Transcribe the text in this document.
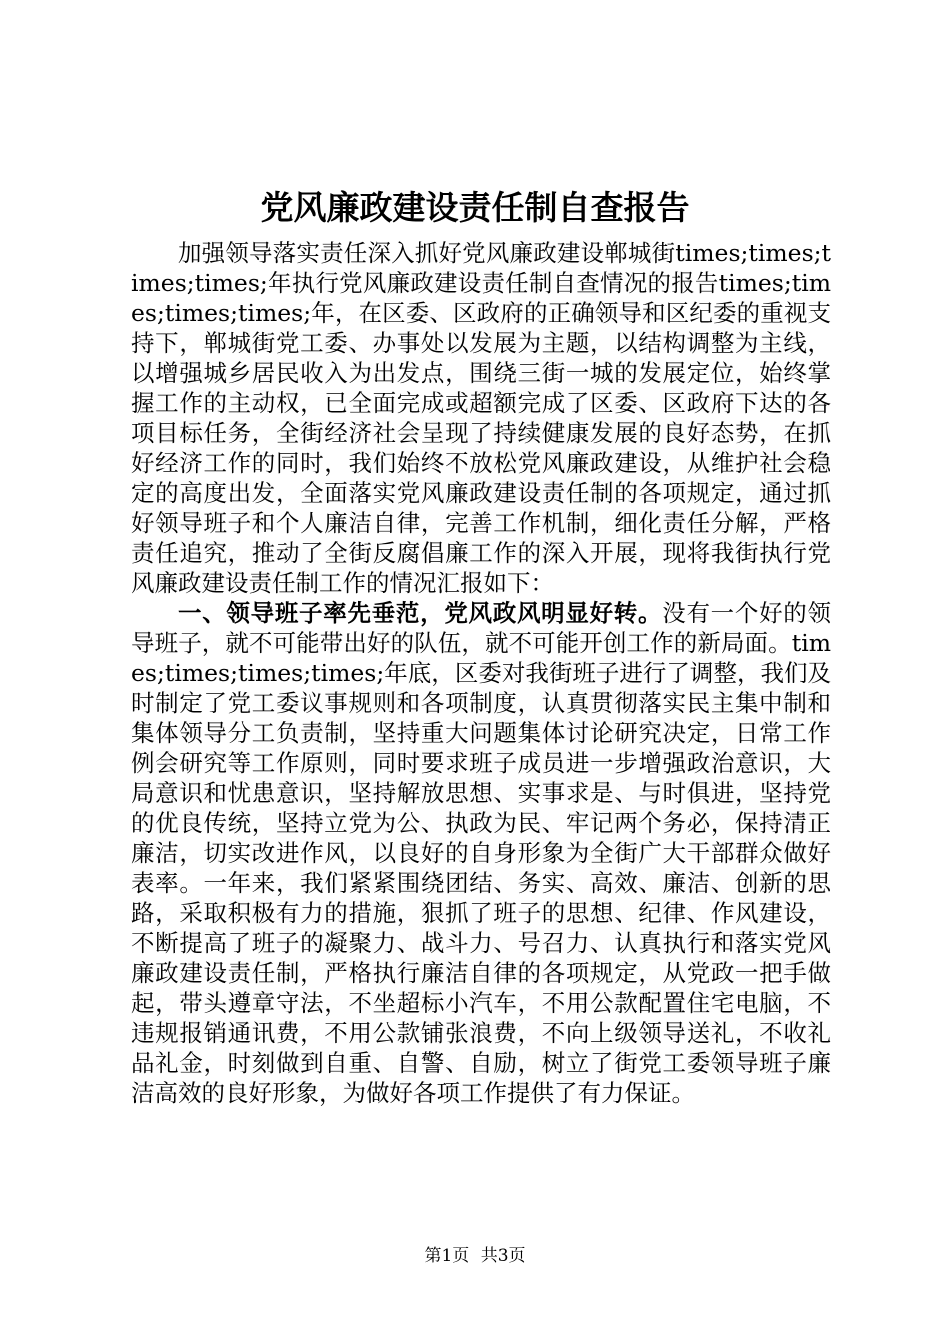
党风廉政建设责任制自查报告

加强领导落实责任深入抓好党风廉政建设郸城街times;times;times;times;年执行党风廉政建设责任制自查情况的报告times;times;times;times;年，在区委、区政府的正确领导和区纪委的重视支持下，郸城街党工委、办事处以发展为主题，以结构调整为主线，以增强城乡居民收入为出发点，围绕三街一城的发展定位，始终掌握工作的主动权，已全面完成或超额完成了区委、区政府下达的各项目标任务，全街经济社会呈现了持续健康发展的良好态势，在抓好经济工作的同时，我们始终不放松党风廉政建设，从维护社会稳定的高度出发，全面落实党风廉政建设责任制的各项规定，通过抓好领导班子和个人廉洁自律，完善工作机制，细化责任分解，严格责任追究，推动了全街反腐倡廉工作的深入开展，现将我街执行党风廉政建设责任制工作的情况汇报如下：

一、领导班子率先垂范，党风政风明显好转。没有一个好的领导班子，就不可能带出好的队伍，就不可能开创工作的新局面。times;times;times;times;年底，区委对我街班子进行了调整，我们及时制定了党工委议事规则和各项制度，认真贯彻落实民主集中制和集体领导分工负责制，坚持重大问题集体讨论研究决定，日常工作例会研究等工作原则，同时要求班子成员进一步增强政治意识，大局意识和忧患意识，坚持解放思想、实事求是、与时俱进，坚持党的优良传统，坚持立党为公、执政为民、牢记两个务必，保持清正廉洁，切实改进作风，以良好的自身形象为全街广大干部群众做好表率。一年来，我们紧紧围绕团结、务实、高效、廉洁、创新的思路，采取积极有力的措施，狠抓了班子的思想、纪律、作风建设，不断提高了班子的凝聚力、战斗力、号召力、认真执行和落实党风廉政建设责任制，严格执行廉洁自律的各项规定，从党政一把手做起，带头遵章守法，不坐超标小汽车，不用公款配置住宅电脑，不违规报销通讯费，不用公款铺张浪费，不向上级领导送礼，不收礼品礼金，时刻做到自重、自警、自励，树立了街党工委领导班子廉洁高效的良好形象，为做好各项工作提供了有力保证。

第1页 共3页
